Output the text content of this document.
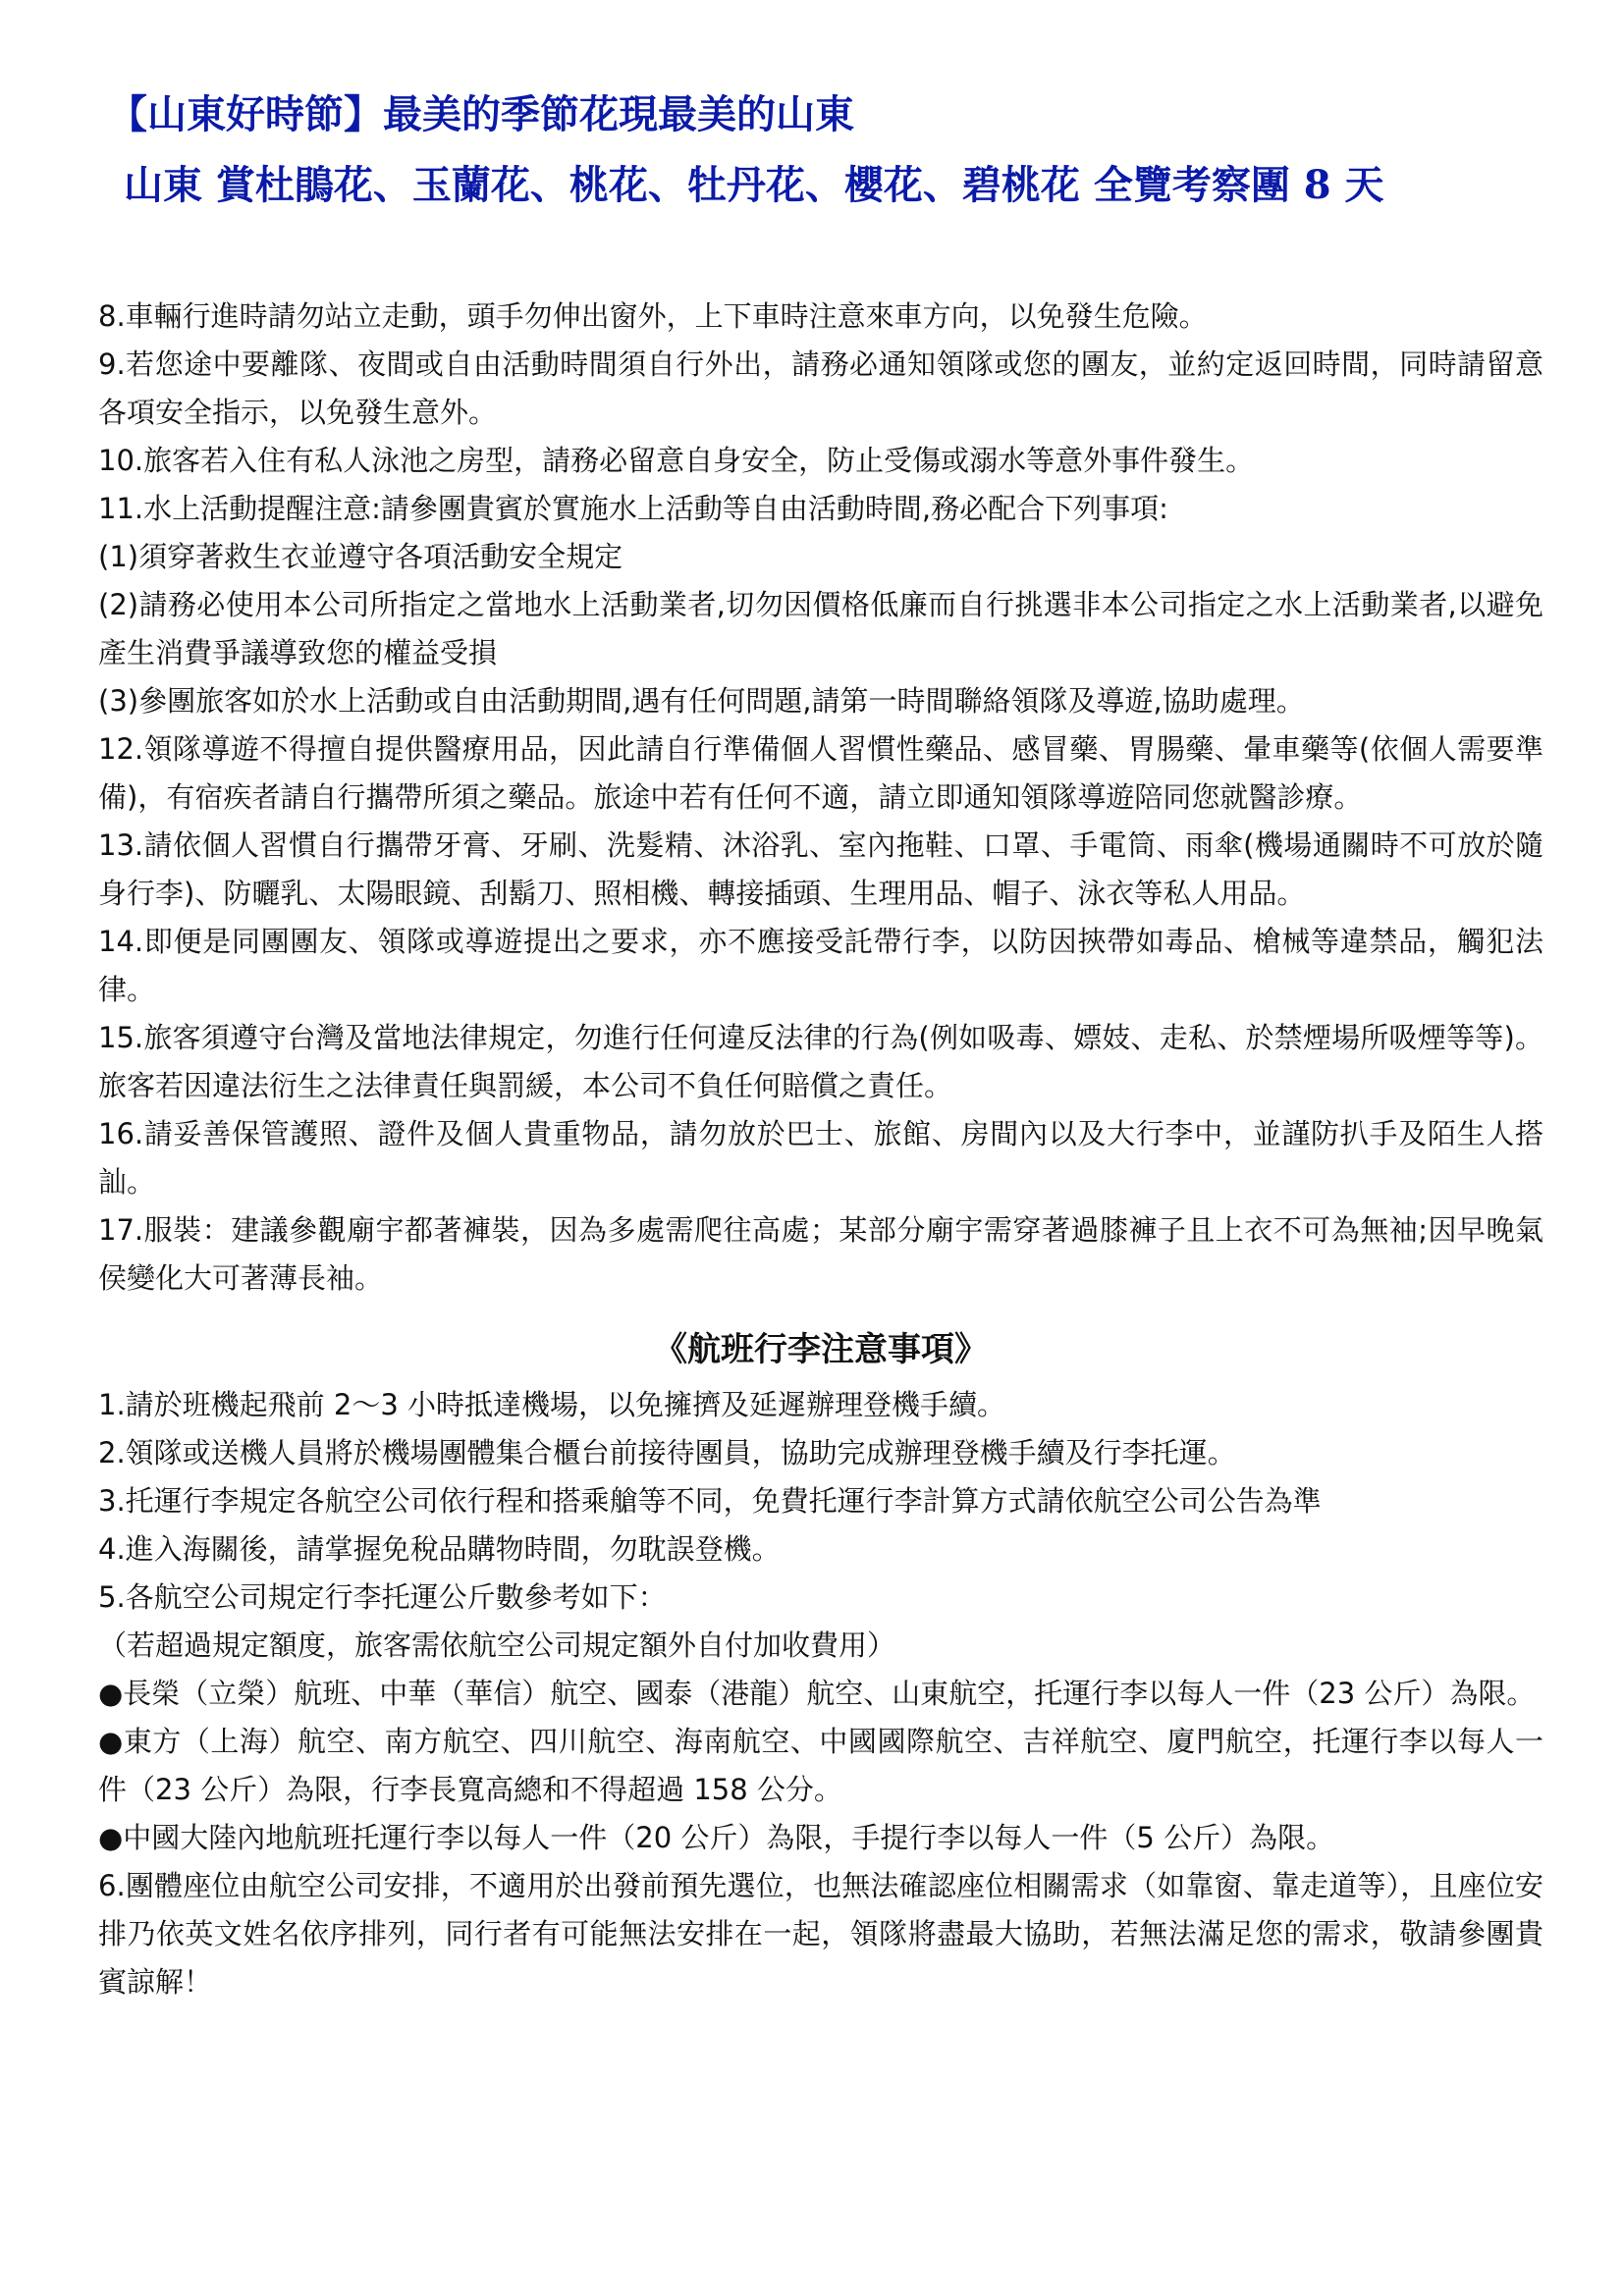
【山東好時節】最美的季節花現最美的山東

山東 賞杜鵑花、玉蘭花、桃花、牡丹花、櫻花、碧桃花 全覽考察團 8 天

8.車輛行進時請勿站立走動，頭手勿伸出窗外，上下車時注意來車方向，以免發生危險。

9.若您途中要離隊、夜間或自由活動時間須自行外出，請務必通知領隊或您的團友，並約定返回時間，同時請留意各項安全指示，以免發生意外。

10.旅客若入住有私人泳池之房型，請務必留意自身安全，防止受傷或溺水等意外事件發生。

11.水上活動提醒注意:請參團貴賓於實施水上活動等自由活動時間,務必配合下列事項:

(1)須穿著救生衣並遵守各項活動安全規定

(2)請務必使用本公司所指定之當地水上活動業者,切勿因價格低廉而自行挑選非本公司指定之水上活動業者,以避免產生消費爭議導致您的權益受損

(3)參團旅客如於水上活動或自由活動期間,遇有任何問題,請第一時間聯絡領隊及導遊,協助處理。

12.領隊導遊不得擅自提供醫療用品，因此請自行準備個人習慣性藥品、感冒藥、胃腸藥、暈車藥等(依個人需要準備)，有宿疾者請自行攜帶所須之藥品。旅途中若有任何不適，請立即通知領隊導遊陪同您就醫診療。

13.請依個人習慣自行攜帶牙膏、牙刷、洗髮精、沐浴乳、室內拖鞋、口罩、手電筒、雨傘(機場通關時不可放於隨身行李)、防曬乳、太陽眼鏡、刮鬍刀、照相機、轉接插頭、生理用品、帽子、泳衣等私人用品。

14.即便是同團團友、領隊或導遊提出之要求，亦不應接受託帶行李，以防因挾帶如毒品、槍械等違禁品，觸犯法律。

15.旅客須遵守台灣及當地法律規定，勿進行任何違反法律的行為(例如吸毒、嫖妓、走私、於禁煙場所吸煙等等)。旅客若因違法衍生之法律責任與罰緩，本公司不負任何賠償之責任。

16.請妥善保管護照、證件及個人貴重物品，請勿放於巴士、旅館、房間內以及大行李中，並謹防扒手及陌生人搭訕。

17.服裝：建議參觀廟宇都著褲裝，因為多處需爬往高處；某部分廟宇需穿著過膝褲子且上衣不可為無袖;因早晚氣侯變化大可著薄長袖。

《航班行李注意事項》

1.請於班機起飛前 2～3 小時抵達機場，以免擁擠及延遲辦理登機手續。

2.領隊或送機人員將於機場團體集合櫃台前接待團員，協助完成辦理登機手續及行李托運。

3.托運行李規定各航空公司依行程和搭乘艙等不同，免費托運行李計算方式請依航空公司公告為準

4.進入海關後，請掌握免稅品購物時間，勿耽誤登機。

5.各航空公司規定行李托運公斤數參考如下：

（若超過規定額度，旅客需依航空公司規定額外自付加收費用）

●長榮（立榮）航班、中華（華信）航空、國泰（港龍）航空、山東航空，托運行李以每人一件（23 公斤）為限。

●東方（上海）航空、南方航空、四川航空、海南航空、中國國際航空、吉祥航空、廈門航空，托運行李以每人一件（23 公斤）為限，行李長寬高總和不得超過 158 公分。

●中國大陸內地航班托運行李以每人一件（20 公斤）為限，手提行李以每人一件（5 公斤）為限。

6.團體座位由航空公司安排，不適用於出發前預先選位，也無法確認座位相關需求（如靠窗、靠走道等），且座位安排乃依英文姓名依序排列，同行者有可能無法安排在一起，領隊將盡最大協助，若無法滿足您的需求，敬請參團貴賓諒解！
